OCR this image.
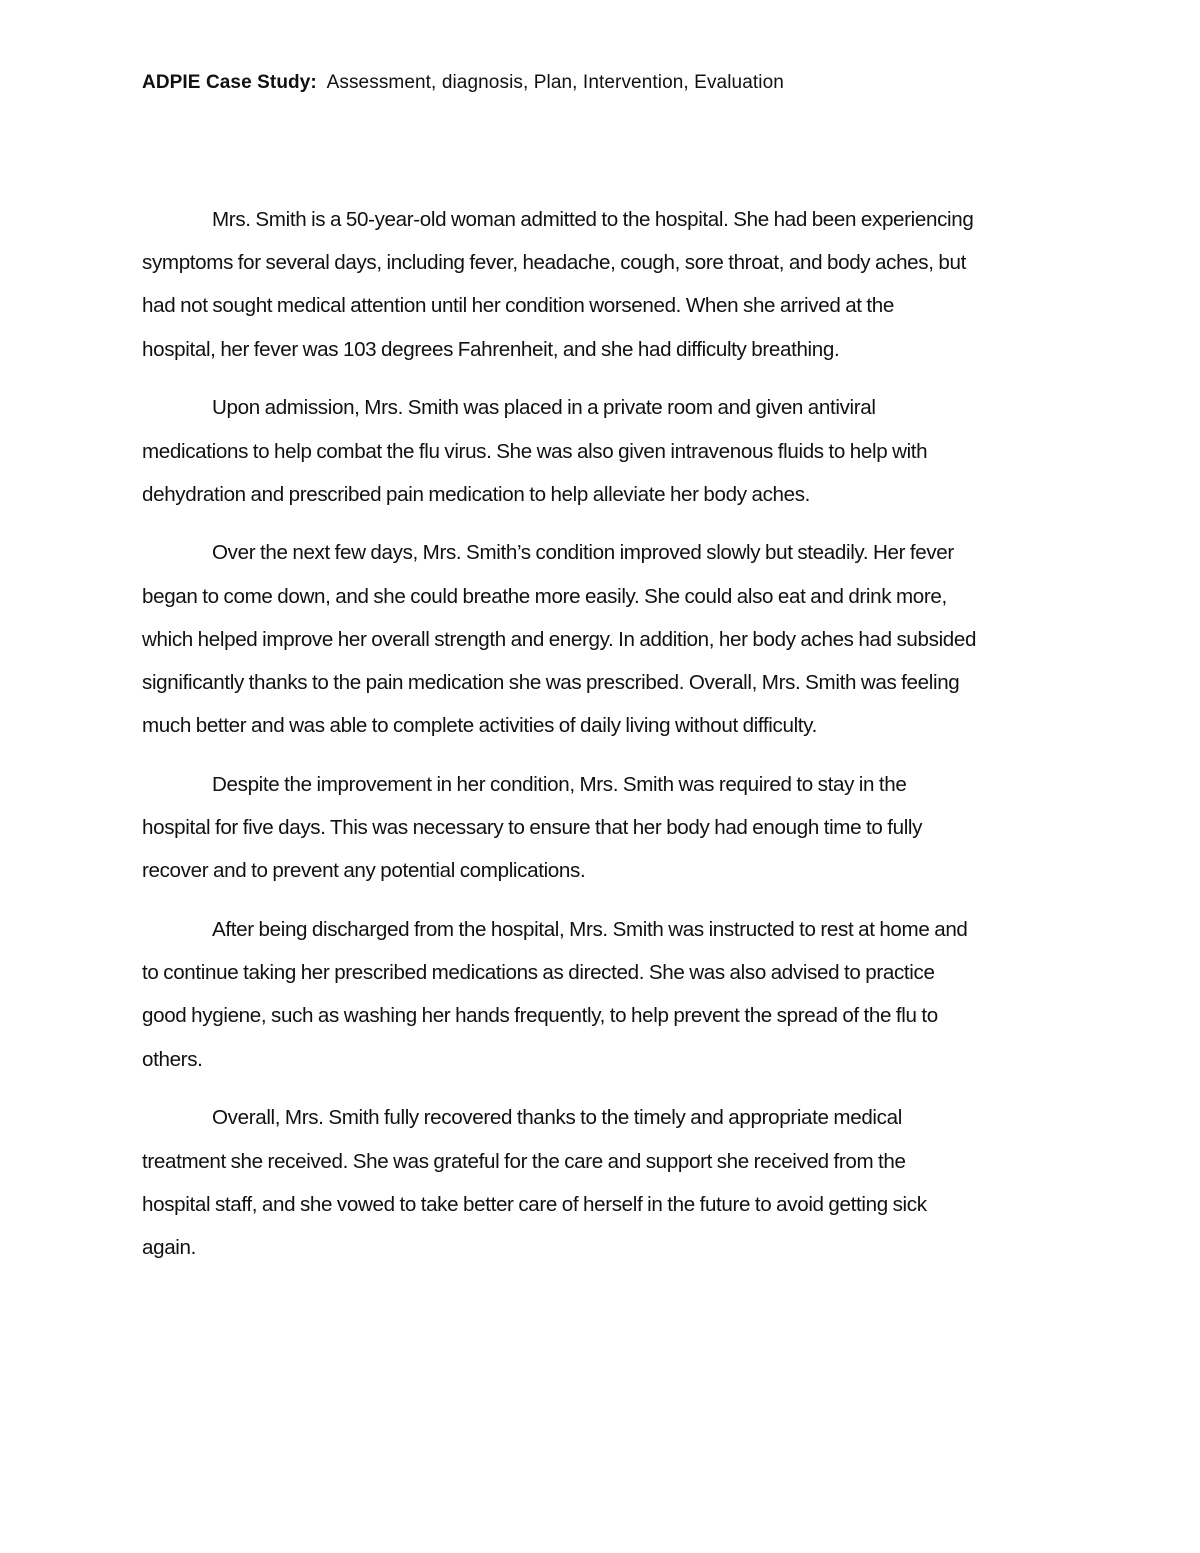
ADPIE Case Study: Assessment, diagnosis, Plan, Intervention, Evaluation

Mrs. Smith is a 50-year-old woman admitted to the hospital. She had been experiencing
symptoms for several days, including fever, headache, cough, sore throat, and body aches, but
had not sought medical attention until her condition worsened. When she arrived at the
hospital, her fever was 103 degrees Fahrenheit, and she had difficulty breathing.

Upon admission, Mrs. Smith was placed in a private room and given antiviral
medications to help combat the flu virus. She was also given intravenous fluids to help with
dehydration and prescribed pain medication to help alleviate her body aches.

Over the next few days, Mrs. Smith’s condition improved slowly but steadily. Her fever
began to come down, and she could breathe more easily. She could also eat and drink more,
which helped improve her overall strength and energy. In addition, her body aches had subsided
significantly thanks to the pain medication she was prescribed. Overall, Mrs. Smith was feeling
much better and was able to complete activities of daily living without difficulty.

Despite the improvement in her condition, Mrs. Smith was required to stay in the
hospital for five days. This was necessary to ensure that her body had enough time to fully
recover and to prevent any potential complications.

After being discharged from the hospital, Mrs. Smith was instructed to rest at home and
to continue taking her prescribed medications as directed. She was also advised to practice
good hygiene, such as washing her hands frequently, to help prevent the spread of the flu to
others.

Overall, Mrs. Smith fully recovered thanks to the timely and appropriate medical
treatment she received. She was grateful for the care and support she received from the
hospital staff, and she vowed to take better care of herself in the future to avoid getting sick
again.
